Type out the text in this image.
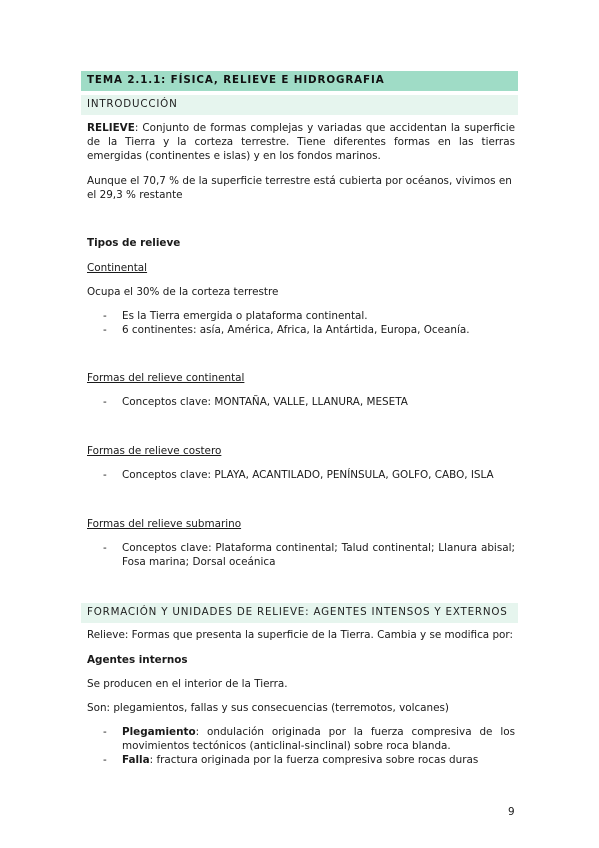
TEMA 2.1.1: FÍSICA, RELIEVE E HIDROGRAFIA
INTRODUCCIÓN
RELIEVE: Conjunto de formas complejas y variadas que accidentan la superficie de la Tierra y la corteza terrestre. Tiene diferentes formas en las tierras emergidas (continentes e islas) y en los fondos marinos.
Aunque el 70,7 % de la superficie terrestre está cubierta por océanos, vivimos en el 29,3 % restante
Tipos de relieve
Continental
Ocupa el 30% de la corteza terrestre
- Es la Tierra emergida o plataforma continental.
- 6 continentes: asía, América, Africa, la Antártida, Europa, Oceanía.
Formas del relieve continental
- Conceptos clave: MONTAÑA, VALLE, LLANURA, MESETA
Formas de relieve costero
- Conceptos clave: PLAYA, ACANTILADO, PENÍNSULA, GOLFO, CABO, ISLA
Formas del relieve submarino
- Conceptos clave: Plataforma continental; Talud continental; Llanura abisal; Fosa marina; Dorsal oceánica
FORMACIÓN Y UNIDADES DE RELIEVE: AGENTES INTENSOS Y EXTERNOS
Relieve: Formas que presenta la superficie de la Tierra. Cambia y se modifica por:
Agentes internos
Se producen en el interior de la Tierra.
Son: plegamientos, fallas y sus consecuencias (terremotos, volcanes)
- Plegamiento: ondulación originada por la fuerza compresiva de los movimientos tectónicos (anticlinal-sinclinal) sobre roca blanda.
- Falla: fractura originada por la fuerza compresiva sobre rocas duras
9
